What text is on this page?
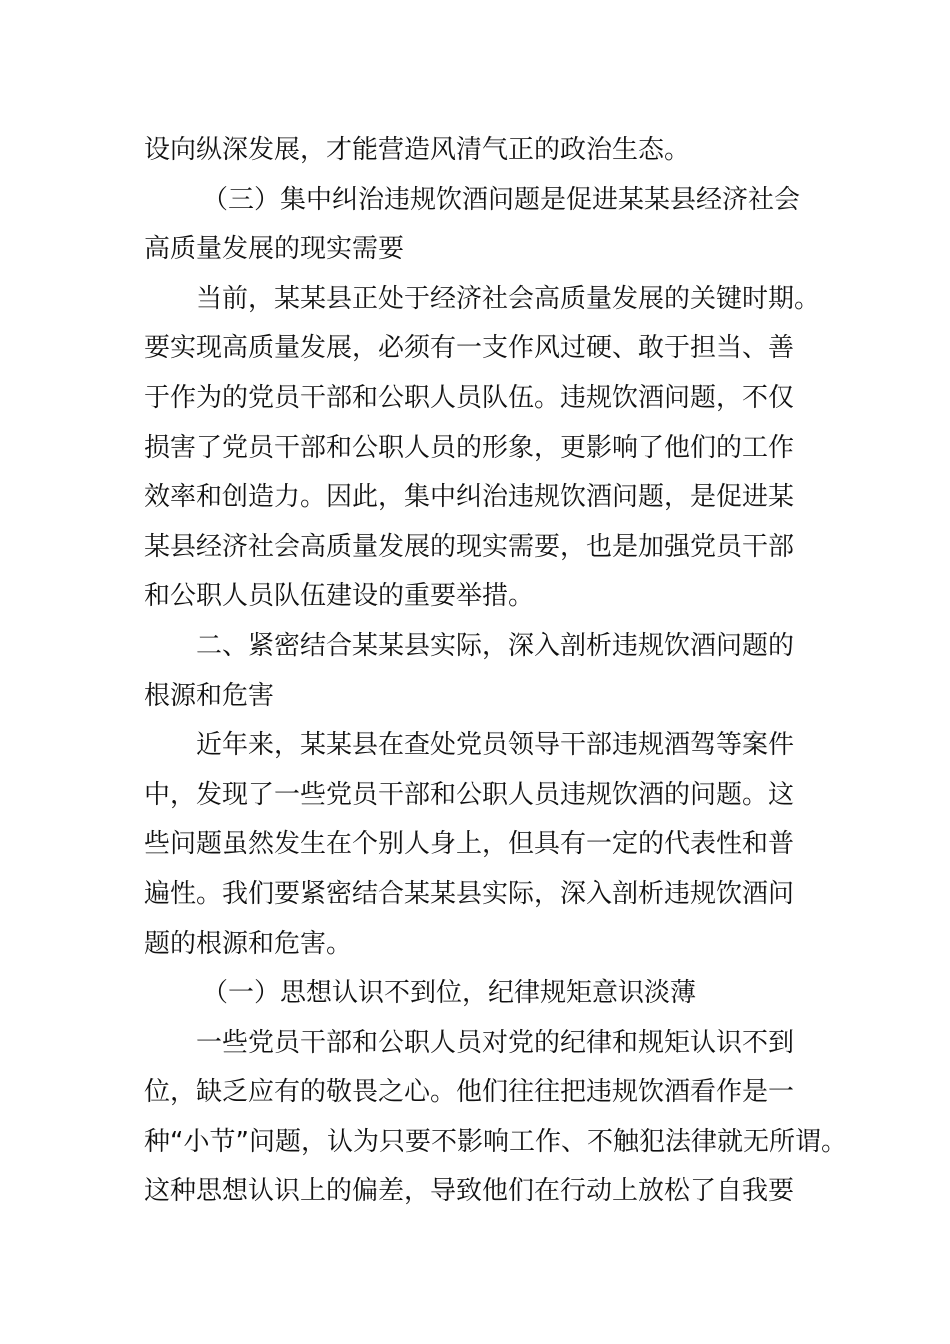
设向纵深发展，才能营造风清气正的政治生态。
（三）集中纠治违规饮酒问题是促进某某县经济社会
高质量发展的现实需要
当前，某某县正处于经济社会高质量发展的关键时期。
要实现高质量发展，必须有一支作风过硬、敢于担当、善
于作为的党员干部和公职人员队伍。违规饮酒问题，不仅
损害了党员干部和公职人员的形象，更影响了他们的工作
效率和创造力。因此，集中纠治违规饮酒问题，是促进某
某县经济社会高质量发展的现实需要，也是加强党员干部
和公职人员队伍建设的重要举措。
二、紧密结合某某县实际，深入剖析违规饮酒问题的
根源和危害
近年来，某某县在查处党员领导干部违规酒驾等案件
中，发现了一些党员干部和公职人员违规饮酒的问题。这
些问题虽然发生在个别人身上，但具有一定的代表性和普
遍性。我们要紧密结合某某县实际，深入剖析违规饮酒问
题的根源和危害。
（一）思想认识不到位，纪律规矩意识淡薄
一些党员干部和公职人员对党的纪律和规矩认识不到
位，缺乏应有的敬畏之心。他们往往把违规饮酒看作是一
种“小节”问题，认为只要不影响工作、不触犯法律就无所谓。
这种思想认识上的偏差，导致他们在行动上放松了自我要
